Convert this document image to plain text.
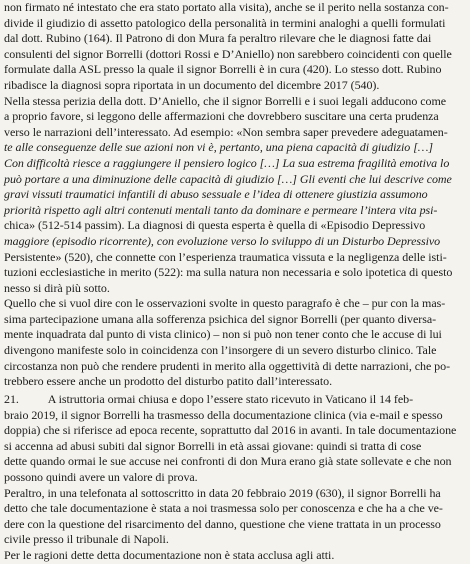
non firmato né intestato che era stato portato alla visita), anche se il perito nella sostanza con-
divide il giudizio di assetto patologico della personalità in termini analoghi a quelli formulati
dal dott. Rubino (164). Il Patrono di don Mura fa peraltro rilevare che le diagnosi fatte dai
consulenti del signor Borrelli (dottori Rossi e D’Aniello) non sarebbero coincidenti con quelle
formulate dalla ASL presso la quale il signor Borrelli è in cura (420). Lo stesso dott. Rubino
ribadisce la diagnosi sopra riportata in un documento del dicembre 2017 (540).
Nella stessa perizia della dott. D’Aniello, che il signor Borrelli e i suoi legali adducono come
a proprio favore, si leggono delle affermazioni che dovrebbero suscitare una certa prudenza
verso le narrazioni dell’interessato. Ad esempio: «Non sembra saper prevedere adeguatamen-
te alle conseguenze delle sue azioni non vi è, pertanto, una piena capacità di giudizio […]
Con difficoltà riesce a raggiungere il pensiero logico […] La sua estrema fragilità emotiva lo
può portare a una diminuzione delle capacità di giudizio […] Gli eventi che lui descrive come
gravi vissuti traumatici infantili di abuso sessuale e l’idea di ottenere giustizia assumono
priorità rispetto agli altri contenuti mentali tanto da dominare e permeare l’intera vita psi-
chica» (512-514 passim). La diagnosi di questa esperta è quella di «Episodio Depressivo
maggiore (episodio ricorrente), con evoluzione verso lo sviluppo di un Disturbo Depressivo
Persistente» (520), che connette con l’esperienza traumatica vissuta e la negligenza delle isti-
tuzioni ecclesiastiche in merito (522): ma sulla natura non necessaria e solo ipotetica di questo
nesso si dirà più sotto.
Quello che si vuol dire con le osservazioni svolte in questo paragrafo è che – pur con la mas-
sima partecipazione umana alla sofferenza psichica del signor Borrelli (per quanto diversa-
mente inquadrata dal punto di vista clinico) – non si può non tener conto che le accuse di lui
divengono manifeste solo in coincidenza con l’insorgere di un severo disturbo clinico. Tale
circostanza non può che rendere prudenti in merito alla oggettività di dette narrazioni, che po-
trebbero essere anche un prodotto del disturbo patito dall’interessato.
21.          A istruttoria ormai chiusa e dopo l’essere stato ricevuto in Vaticano il 14 feb-
braio 2019, il signor Borrelli ha trasmesso della documentazione clinica (via e-mail e spesso
doppia) che si riferisce ad epoca recente, soprattutto dal 2016 in avanti. In tale documentazione
si accenna ad abusi subiti dal signor Borrelli in età assai giovane: quindi si tratta di cose
dette quando ormai le sue accuse nei confronti di don Mura erano già state sollevate e che non
possono quindi avere un valore di prova.
Peraltro, in una telefonata al sottoscritto in data 20 febbraio 2019 (630), il signor Borrelli ha
detto che tale documentazione è stata a noi trasmessa solo per conoscenza e che ha a che ve-
dere con la questione del risarcimento del danno, questione che viene trattata in un processo
civile presso il tribunale di Napoli.
Per le ragioni dette detta documentazione non è stata acclusa agli atti.
